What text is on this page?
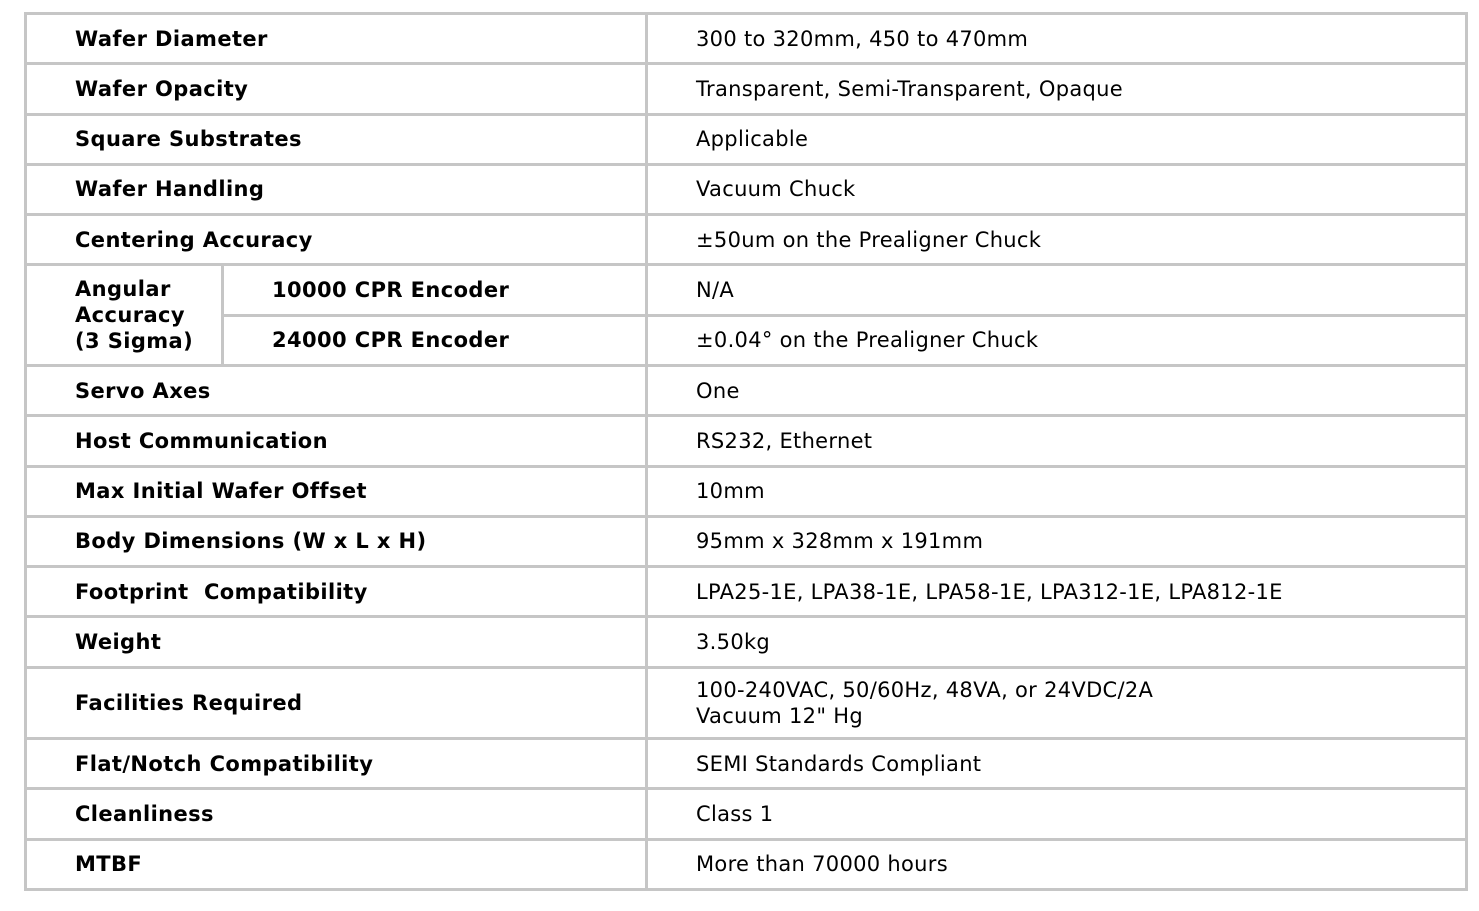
Wafer Diameter		300 to 320mm, 450 to 470mm
Wafer Opacity		Transparent, Semi-Transparent, Opaque
Square Substrates		Applicable
Wafer Handling		Vacuum Chuck
Centering Accuracy		±50um on the Prealigner Chuck

Angular
Accuracy
(3 Sigma)	10000 CPR Encoder	N/A
	24000 CPR Encoder	±0.04° on the Prealigner Chuck
Servo Axes		One
Host Communication		RS232, Ethernet
Max Initial Wafer Offset		10mm
Body Dimensions (W x L x H)		95mm x 328mm x 191mm
Footprint  Compatibility		LPA25-1E, LPA38-1E, LPA58-1E, LPA312-1E, LPA812-1E
Weight		3.50kg
Facilities Required		100-240VAC, 50/60Hz, 48VA, or 24VDC/2A
Vacuum 12" Hg

Flat/Notch Compatibility		SEMI Standards Compliant
Cleanliness		Class 1
MTBF		More than 70000 hours
